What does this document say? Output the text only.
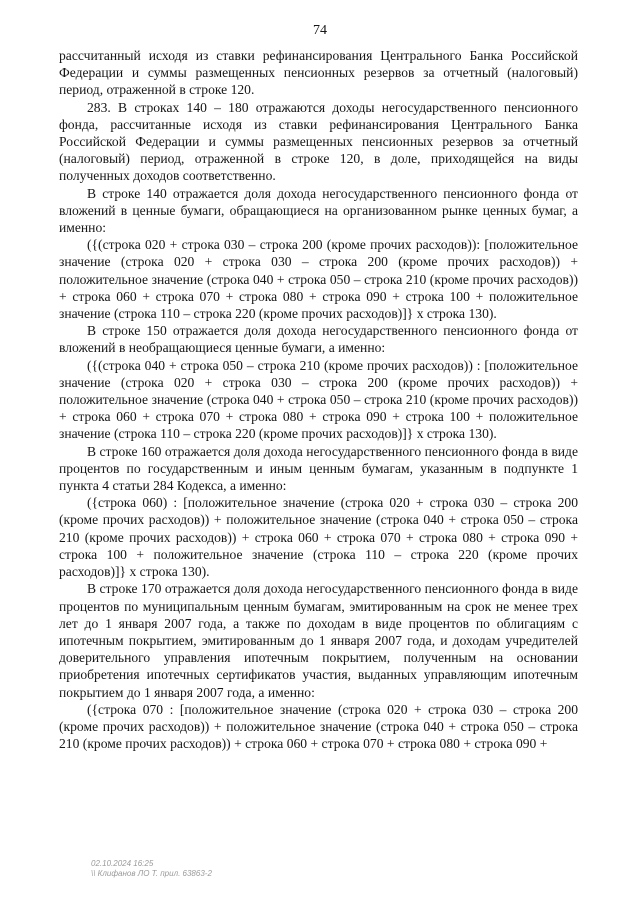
74

рассчитанный исходя из ставки рефинансирования Центрального Банка Российской Федерации и суммы размещенных пенсионных резервов за отчетный (налоговый) период, отраженной в строке 120.

283. В строках 140 – 180 отражаются доходы негосударственного пенсионного фонда, рассчитанные исходя из ставки рефинансирования Центрального Банка Российской Федерации и суммы размещенных пенсионных резервов за отчетный (налоговый) период, отраженной в строке 120, в доле, приходящейся на виды полученных доходов соответственно.

В строке 140 отражается доля дохода негосударственного пенсионного фонда от вложений в ценные бумаги, обращающиеся на организованном рынке ценных бумаг, а именно:

({(строка 020 + строка 030 – строка 200 (кроме прочих расходов)): [положительное значение (строка 020 + строка 030 – строка 200 (кроме прочих расходов)) + положительное значение (строка 040 + строка 050 – строка 210 (кроме прочих расходов)) + строка 060 + строка 070 + строка 080 + строка 090 + строка 100 + положительное значение (строка 110 – строка 220 (кроме прочих расходов)]} x строка 130).

В строке 150 отражается доля дохода негосударственного пенсионного фонда от вложений в необращающиеся ценные бумаги, а именно:

({(строка 040 + строка 050 – строка 210 (кроме прочих расходов)) : [положительное значение (строка 020 + строка 030 – строка 200 (кроме прочих расходов)) + положительное значение (строка 040 + строка 050 – строка 210 (кроме прочих расходов)) + строка 060 + строка 070 + строка 080 + строка 090 + строка 100 + положительное значение (строка 110 – строка 220 (кроме прочих расходов)]} x строка 130).

В строке 160 отражается доля дохода негосударственного пенсионного фонда в виде процентов по государственным и иным ценным бумагам, указанным в подпункте 1 пункта 4 статьи 284 Кодекса, а именно:

({строка 060) : [положительное значение (строка 020 + строка 030 – строка 200 (кроме прочих расходов)) + положительное значение (строка 040 + строка 050 – строка 210 (кроме прочих расходов)) + строка 060 + строка 070 + строка 080 + строка 090 + строка 100 + положительное значение (строка 110 – строка 220 (кроме прочих расходов)]} x строка 130).

В строке 170 отражается доля дохода негосударственного пенсионного фонда в виде процентов по муниципальным ценным бумагам, эмитированным на срок не менее трех лет до 1 января 2007 года, а также по доходам в виде процентов по облигациям с ипотечным покрытием, эмитированным до 1 января 2007 года, и доходам учредителей доверительного управления ипотечным покрытием, полученным на основании приобретения ипотечных сертификатов участия, выданных управляющим ипотечным покрытием до 1 января 2007 года, а именно:

({строка 070 : [положительное значение (строка 020 + строка 030 – строка 200 (кроме прочих расходов)) + положительное значение (строка 040 + строка 050 – строка 210 (кроме прочих расходов)) + строка 060 + строка 070 + строка 080 + строка 090 +

02.10.2024 16:25
\\ Клифанов ЛО Т. прил. 63863-2
